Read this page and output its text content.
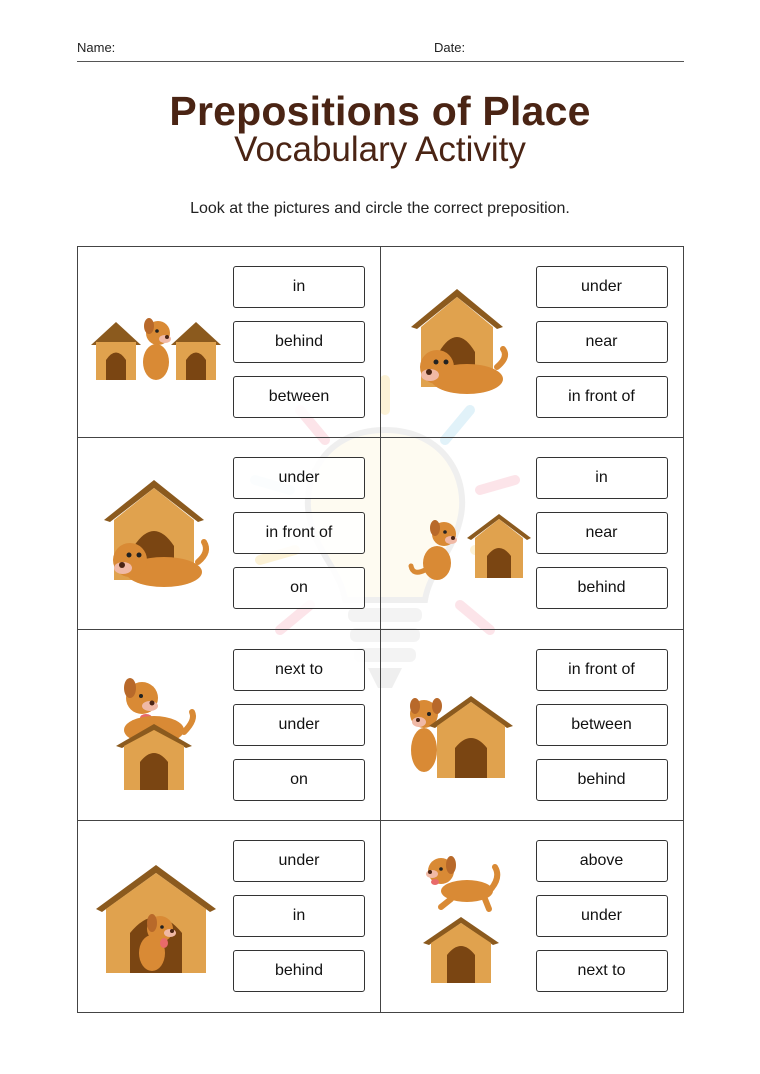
Name:	Date:
Prepositions of Place
Vocabulary Activity
Look at the pictures and circle the correct preposition.
in
behind
between
under
near
in front of
under
in front of
on
in
near
behind
next to
under
on
in front of
between
behind
under
in
behind
above
under
next to
